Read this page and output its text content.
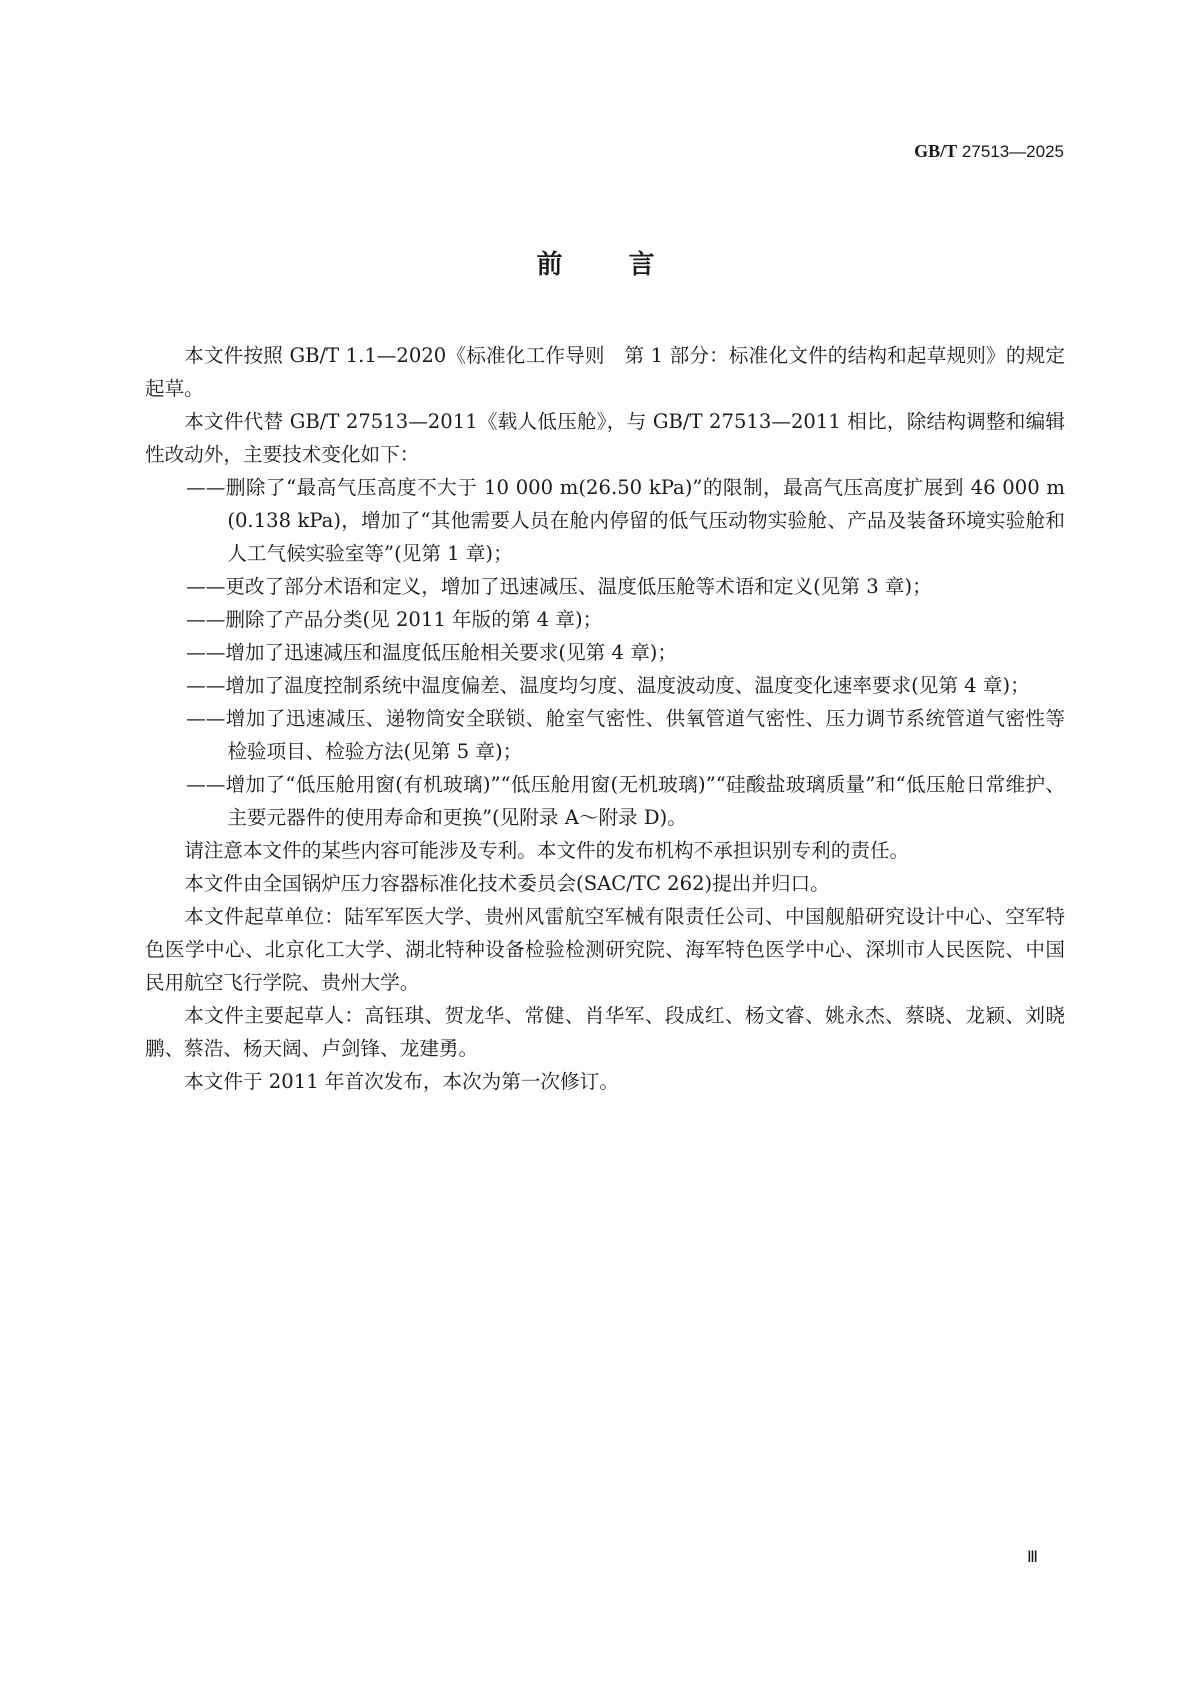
GB/T 27513—2025
前	言

本文件按照 GB/T 1.1—2020《标准化工作导则　第 1 部分：标准化文件的结构和起草规则》的规定起草。

本文件代替 GB/T 27513—2011《载人低压舱》，与 GB/T 27513—2011 相比，除结构调整和编辑性改动外，主要技术变化如下：

——删除了“最高气压高度不大于 10 000 m(26.50 kPa)”的限制，最高气压高度扩展到 46 000 m (0.138 kPa)，增加了“其他需要人员在舱内停留的低气压动物实验舱、产品及装备环境实验舱和人工气候实验室等”(见第 1 章)；

——更改了部分术语和定义，增加了迅速减压、温度低压舱等术语和定义(见第 3 章)；

——删除了产品分类(见 2011 年版的第 4 章)；

——增加了迅速减压和温度低压舱相关要求(见第 4 章)；

——增加了温度控制系统中温度偏差、温度均匀度、温度波动度、温度变化速率要求(见第 4 章)；

——增加了迅速减压、递物筒安全联锁、舱室气密性、供氧管道气密性、压力调节系统管道气密性等检验项目、检验方法(见第 5 章)；

——增加了“低压舱用窗(有机玻璃)”“低压舱用窗(无机玻璃)”“硅酸盐玻璃质量”和“低压舱日常维护、主要元器件的使用寿命和更换”(见附录 A～附录 D)。

请注意本文件的某些内容可能涉及专利。本文件的发布机构不承担识别专利的责任。

本文件由全国锅炉压力容器标准化技术委员会(SAC/TC 262)提出并归口。

本文件起草单位：陆军军医大学、贵州风雷航空军械有限责任公司、中国舰船研究设计中心、空军特色医学中心、北京化工大学、湖北特种设备检验检测研究院、海军特色医学中心、深圳市人民医院、中国民用航空飞行学院、贵州大学。

本文件主要起草人：高钰琪、贺龙华、常健、肖华军、段成红、杨文睿、姚永杰、蔡晓、龙颖、刘晓鹏、蔡浩、杨天阔、卢剑锋、龙建勇。

本文件于 2011 年首次发布，本次为第一次修订。

Ⅲ
